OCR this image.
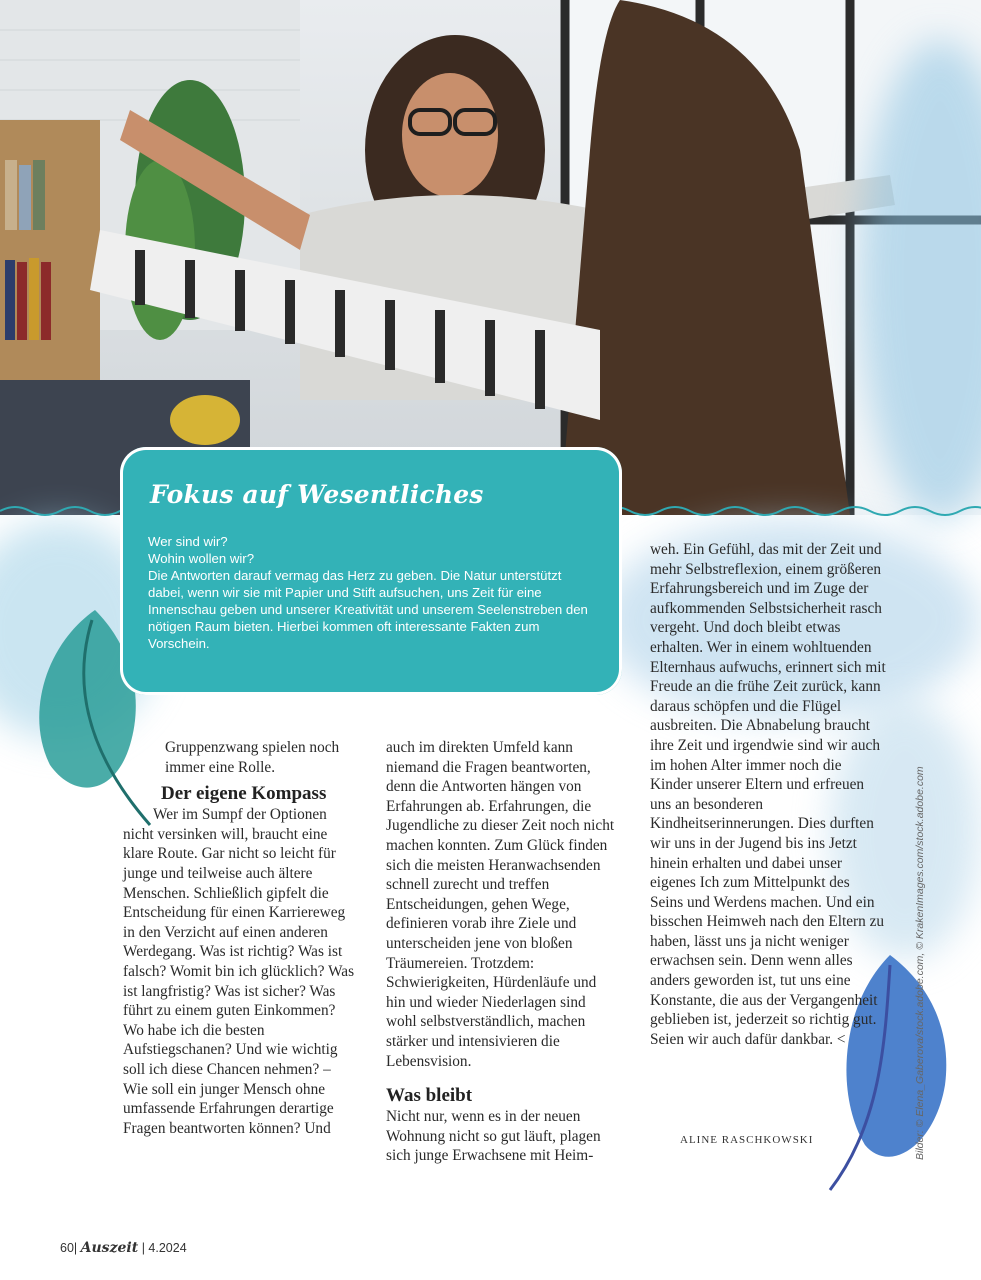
Fokus auf Wesentliches

Wer sind wir?

Wohin wollen wir?

Die Antworten darauf vermag das Herz zu geben. Die Natur unterstützt dabei, wenn wir sie mit Papier und Stift aufsuchen, uns Zeit für eine Innenschau geben und unserer Kreativität und unserem Seelenstreben den nötigen Raum bieten. Hierbei kommen oft interessante Fakten zum Vorschein.

Gruppenzwang spielen noch immer eine Rolle.

Der eigene Kompass

Wer im Sumpf der Optionen nicht versinken will, braucht eine klare Route. Gar nicht so leicht für junge und teilweise auch ältere Menschen. Schließlich gipfelt die Entscheidung für einen Karriereweg in den Verzicht auf einen anderen Werdegang. Was ist richtig? Was ist falsch? Womit bin ich glücklich? Was ist langfristig? Was ist sicher? Was führt zu einem guten Einkommen? Wo habe ich die besten Aufstiegschanen? Und wie wichtig soll ich diese Chancen nehmen? – Wie soll ein junger Mensch ohne umfassende Erfahrungen derartige Fragen beantworten können? Und

auch im direkten Umfeld kann niemand die Fragen beantworten, denn die Antworten hängen von Erfahrungen ab. Erfahrungen, die Jugendliche zu dieser Zeit noch nicht machen konnten. Zum Glück finden sich die meisten Heranwachsenden schnell zurecht und treffen Entscheidungen, gehen Wege, definieren vorab ihre Ziele und unterscheiden jene von bloßen Träumereien. Trotzdem: Schwierigkeiten, Hürdenläufe und hin und wieder Niederlagen sind wohl selbstverständlich, machen stärker und intensivieren die Lebensvision.

Was bleibt

Nicht nur, wenn es in der neuen Wohnung nicht so gut läuft, plagen sich junge Erwachsene mit Heim-

weh. Ein Gefühl, das mit der Zeit und mehr Selbstreflexion, einem größeren Erfahrungsbereich und im Zuge der aufkommenden Selbstsicherheit rasch vergeht. Und doch bleibt etwas erhalten. Wer in einem wohltuenden Elternhaus aufwuchs, erinnert sich mit Freude an die frühe Zeit zurück, kann daraus schöpfen und die Flügel ausbreiten. Die Abnabelung braucht ihre Zeit und irgendwie sind wir auch im hohen Alter immer noch die Kinder unserer Eltern und erfreuen uns an besonderen Kindheitserinnerungen. Dies durften wir uns in der Jugend bis ins Jetzt hinein erhalten und dabei unser eigenes Ich zum Mittelpunkt des Seins und Werdens machen. Und ein bisschen Heimweh nach den Eltern zu haben, lässt uns ja nicht weniger erwachsen sein. Denn wenn alles anders geworden ist, tut uns eine Konstante, die aus der Vergangenheit geblieben ist, jederzeit so richtig gut. Seien wir auch dafür dankbar. <

ALINE RASCHKOWSKI	Bilder: © Elena_Gaberova/stock.adobe.com, © KrakenImages.com/stock.adobe.com
60| Auszeit | 4.2024
